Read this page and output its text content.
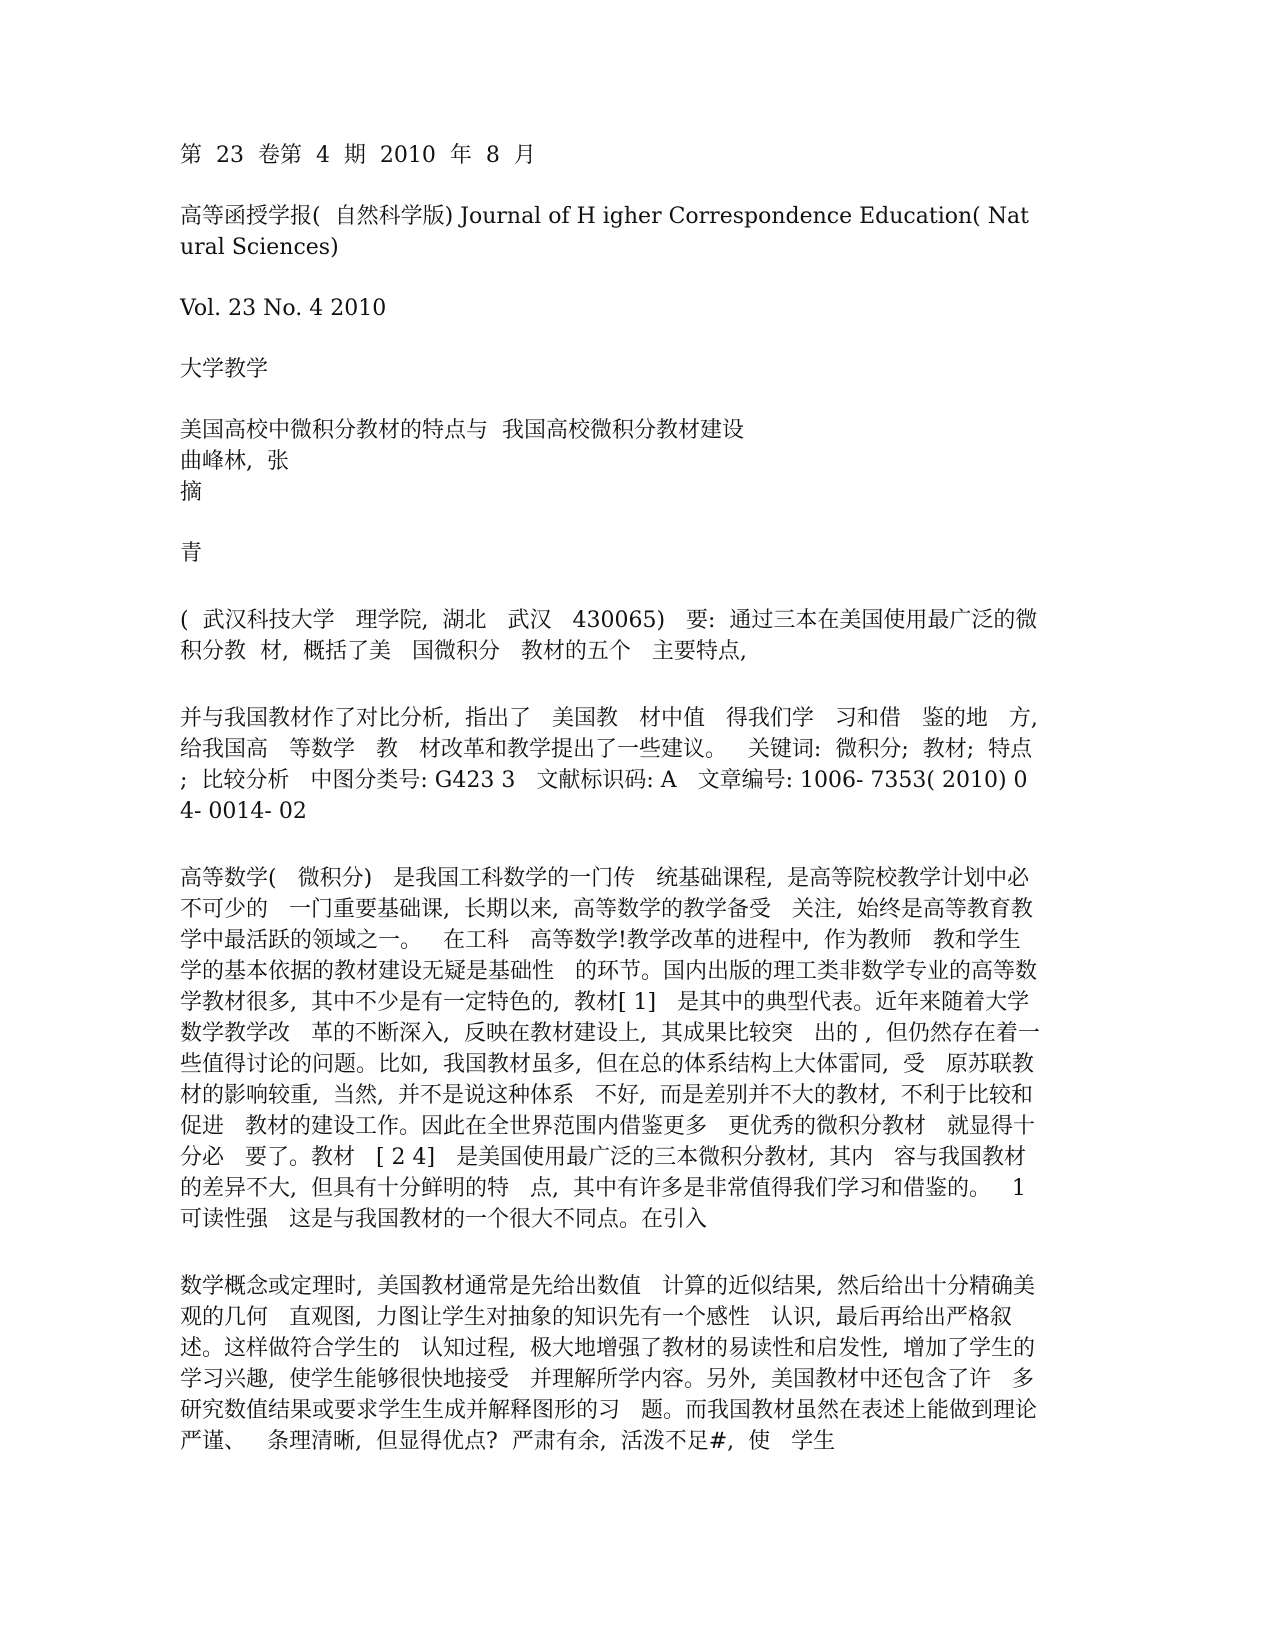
第  23  卷第  4  期  2010  年  8  月

高等函授学报(  自然科学版) Journal of H igher Correspondence Education( Natural Sciences)

Vol. 23 No. 4 2010

大学教学

美国高校中微积分教材的特点与  我国高校微积分教材建设

曲峰林,  张

摘

青

(  武汉科技大学   理学院,  湖北   武汉   430065)   要:  通过三本在美国使用最广泛的微积分教  材,  概括了美   国微积分   教材的五个   主要特点,

并与我国教材作了对比分析,  指出了   美国教   材中值   得我们学   习和借   鉴的地   方,  给我国高   等数学   教   材改革和教学提出了一些建议。   关键词:  微积分;  教材;  特点 ;  比较分析   中图分类号: G423 3   文献标识码: A   文章编号: 1006- 7353( 2010) 04- 0014- 02

高等数学(   微积分)   是我国工科数学的一门传   统基础课程,  是高等院校教学计划中必不可少的   一门重要基础课,  长期以来,  高等数学的教学备受   关注,  始终是高等教育教学中最活跃的领域之一。   在工科   高等数学!教学改革的进程中,  作为教师   教和学生学的基本依据的教材建设无疑是基础性   的环节。国内出版的理工类非数学专业的高等数   学教材很多,  其中不少是有一定特色的,  教材[ 1]   是其中的典型代表。近年来随着大学数学教学改   革的不断深入,  反映在教材建设上,  其成果比较突   出的 ,  但仍然存在着一些值得讨论的问题。比如,  我国教材虽多,  但在总的体系结构上大体雷同,  受   原苏联教材的影响较重,  当然,  并不是说这种体系   不好,  而是差别并不大的教材,  不利于比较和促进   教材的建设工作。因此在全世界范围内借鉴更多   更优秀的微积分教材   就显得十分必   要了。教材   [ 2 4]   是美国使用最广泛的三本微积分教材,  其内   容与我国教材的差异不大,  但具有十分鲜明的特   点,  其中有许多是非常值得我们学习和借鉴的。   1   可读性强   这是与我国教材的一个很大不同点。在引入

数学概念或定理时,  美国教材通常是先给出数值   计算的近似结果,  然后给出十分精确美观的几何   直观图,  力图让学生对抽象的知识先有一个感性   认识,  最后再给出严格叙述。这样做符合学生的   认知过程,  极大地增强了教材的易读性和启发性,  增加了学生的学习兴趣,  使学生能够很快地接受   并理解所学内容。另外,  美国教材中还包含了许   多研究数值结果或要求学生生成并解释图形的习   题。而我国教材虽然在表述上能做到理论严谨、   条理清晰,  但显得优点?  严肃有余,  活泼不足#,  使   学生
